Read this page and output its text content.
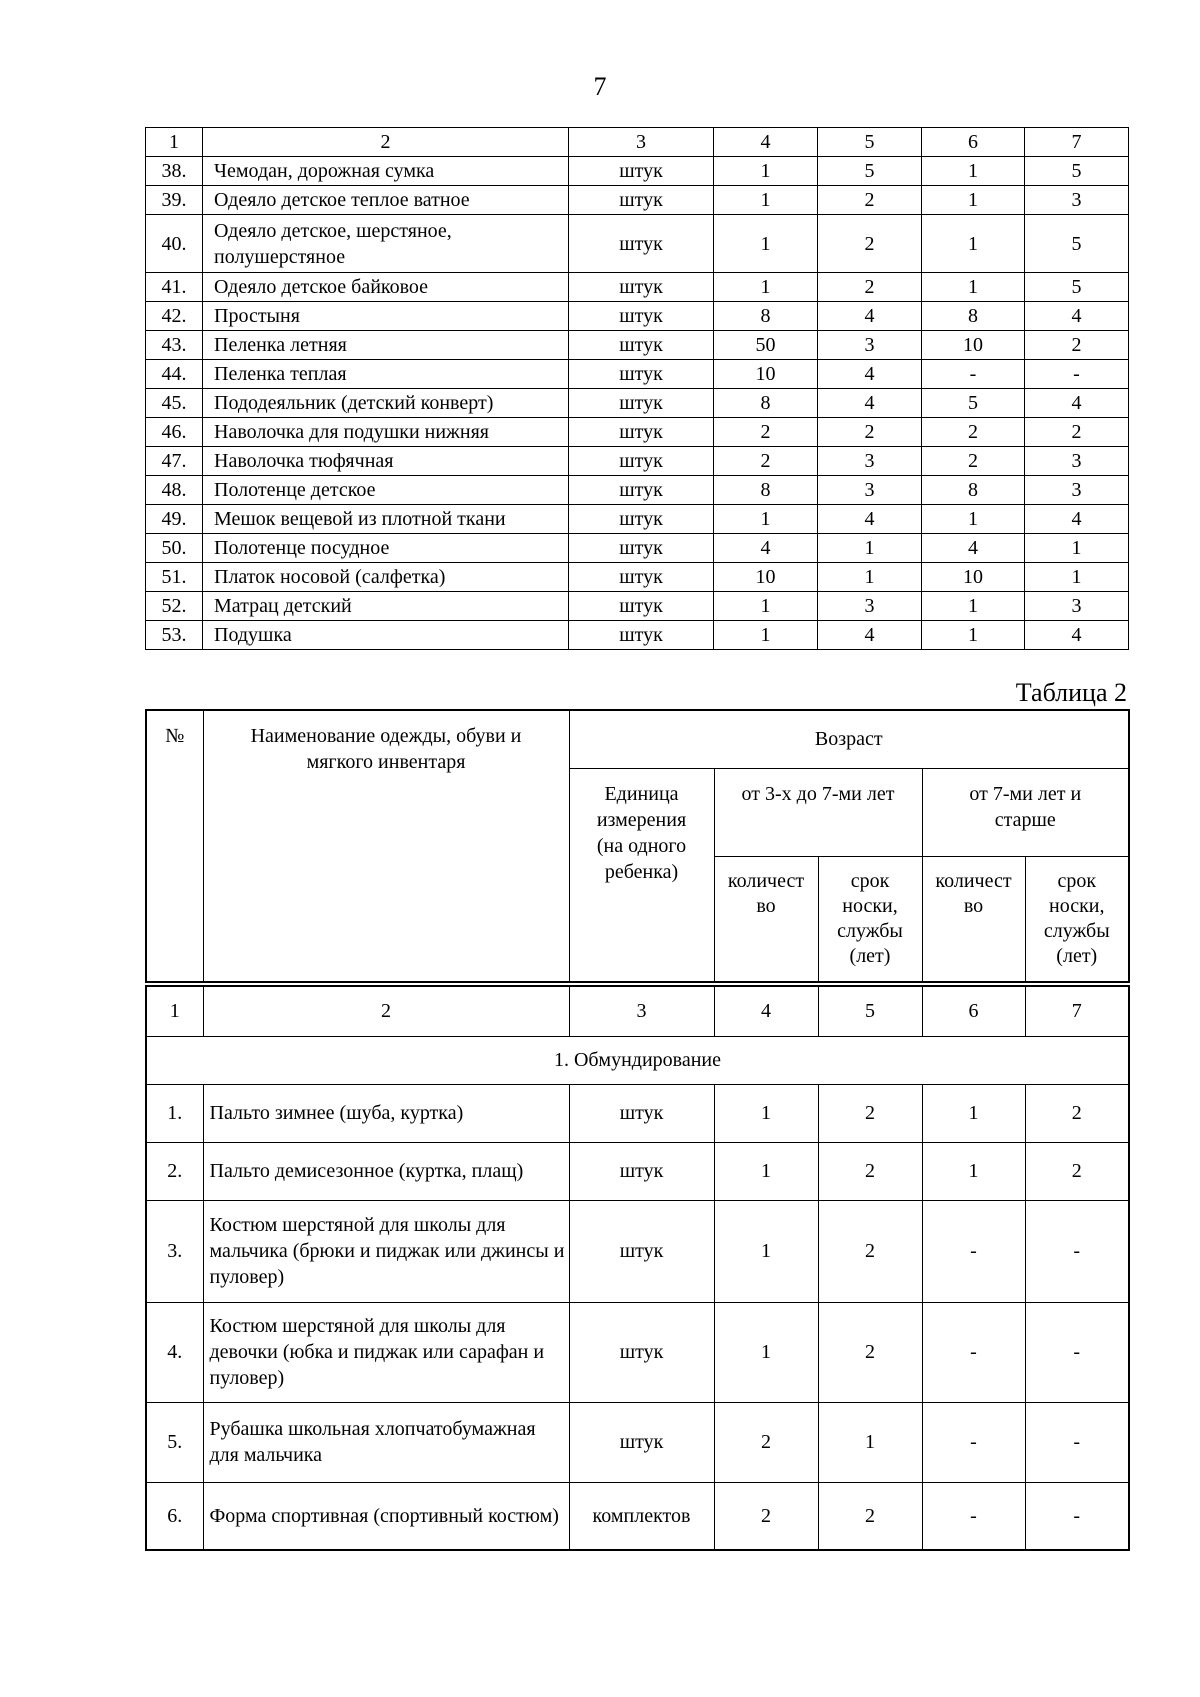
7
1	2	3	4	5	6	7
38.	Чемодан, дорожная сумка	штук	1	5	1	5
39.	Одеяло детское теплое ватное	штук	1	2	1	3
40.	Одеяло детское, шерстяное, полушерстяное	штук	1	2	1	5
41.	Одеяло детское байковое	штук	1	2	1	5
42.	Простыня	штук	8	4	8	4
43.	Пеленка летняя	штук	50	3	10	2
44.	Пеленка теплая	штук	10	4	-	-
45.	Пододеяльник (детский конверт)	штук	8	4	5	4
46.	Наволочка для подушки нижняя	штук	2	2	2	2
47.	Наволочка тюфячная	штук	2	3	2	3
48.	Полотенце детское	штук	8	3	8	3
49.	Мешок вещевой из плотной ткани	штук	1	4	1	4
50.	Полотенце посудное	штук	4	1	4	1
51.	Платок носовой (салфетка)	штук	10	1	10	1
52.	Матрац детский	штук	1	3	1	3
53.	Подушка	штук	1	4	1	4
Таблица 2
№	Наименование одежды, обуви и мягкого инвентаря	Возраст				
		Единица измерения (на одного ребенка)	от 3-х до 7-ми лет		от 7-ми лет и старше	
			количест во	срок носки, службы (лет)	количест во	срок носки, службы (лет)
1	2	3	4	5	6	7
1. Обмундирование						
1.	Пальто зимнее (шуба, куртка)	штук	1	2	1	2
2.	Пальто демисезонное (куртка, плащ)	штук	1	2	1	2
3.	Костюм шерстяной для школы для мальчика (брюки и пиджак или джинсы и пуловер)	штук	1	2	-	-
4.	Костюм шерстяной для школы для девочки (юбка и пиджак или сарафан и пуловер)	штук	1	2	-	-
5.	Рубашка школьная хлопчатобумажная для мальчика	штук	2	1	-	-
6.	Форма спортивная (спортивный костюм)	комплектов	2	2	-	-
